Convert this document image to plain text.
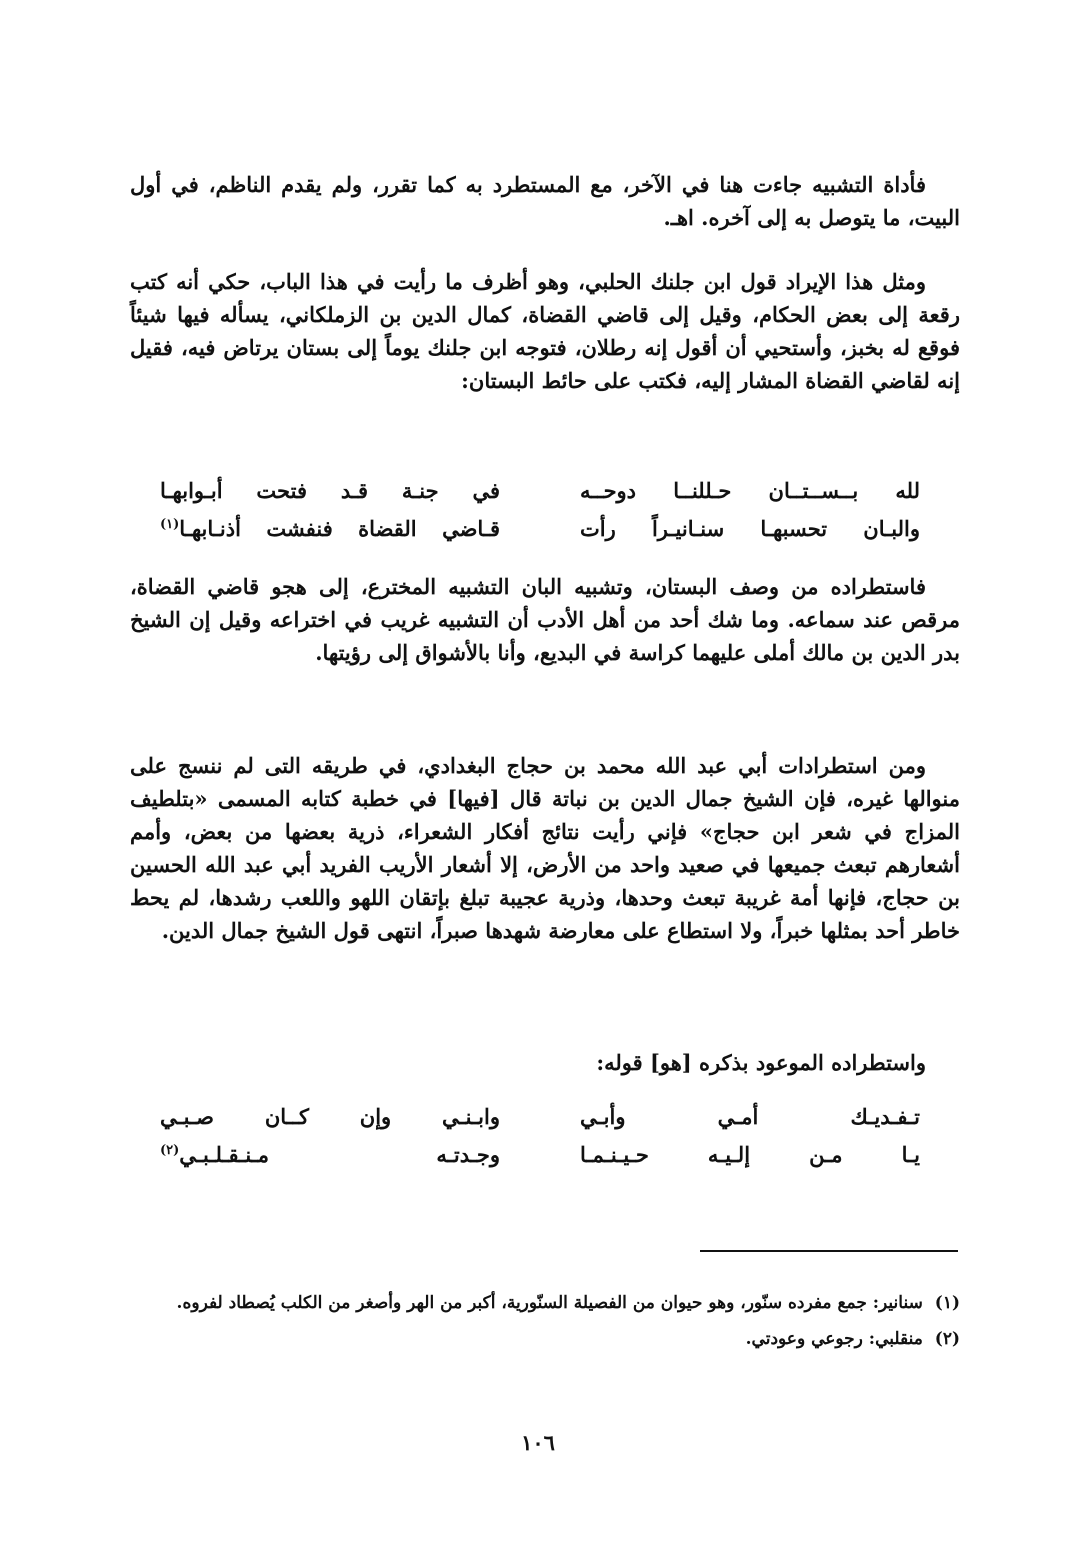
فأداة التشبيه جاءت هنا في الآخر، مع المستطرد به كما تقرر، ولم يقدم الناظم، في أول البيت، ما يتوصل به إلى آخره. اهـ.

ومثل هذا الإيراد قول ابن جلنك الحلبي، وهو أظرف ما رأيت في هذا الباب، حكي أنه كتب رقعة إلى بعض الحكام، وقيل إلى قاضي القضاة، كمال الدين بن الزملكاني، يسأله فيها شيئاً فوقع له بخبز، وأستحيي أن أقول إنه رطلان، فتوجه ابن جلنك يوماً إلى بستان يرتاض فيه، فقيل إنه لقاضي القضاة المشار إليه، فكتب على حائط البستان:

لله بــســتــان حـللنــا دوحــه
في جنـة قـد فتحت أبـوابهـا
والبـان تحسبهـا سنـانيـراً رأت
قـاضي القضاة فنفشت أذنـابهـا$^{(١)}$

فاستطراده من وصف البستان، وتشبيه البان التشبيه المخترع، إلى هجو قاضي القضاة، مرقص عند سماعه. وما شك أحد من أهل الأدب أن التشبيه غريب في اختراعه وقيل إن الشيخ بدر الدين بن مالك أملى عليهما كراسة في البديع، وأنا بالأشواق إلى رؤيتها.

ومن استطرادات أبي عبد الله محمد بن حجاج البغدادي، في طريقه التى لم ننسج على منوالها غيره، فإن الشيخ جمال الدين بن نباتة قال [فيها] في خطبة كتابه المسمى «بتلطيف المزاج في شعر ابن حجاج» فإني رأيت نتائج أفكار الشعراء، ذرية بعضها من بعض، وأمم أشعارهم تبعث جميعها في صعيد واحد من الأرض، إلا أشعار الأريب الفريد أبي عبد الله الحسين بن حجاج، فإنها أمة غريبة تبعث وحدها، وذرية عجيبة تبلغ بإتقان اللهو واللعب رشدها، لم يحط خاطر أحد بمثلها خبراً، ولا استطاع على معارضة شهدها صبراً، انتهى قول الشيخ جمال الدين.

واستطراده الموعود بذكره [هو] قوله:

تـفـديـك أمـي وأبـي
وابـنـي وإن كــان صـبـي
يـا مـن إلـيـه حـيـنـمـا
وجـدتـه مـنـقـلـبـي$^{(٢)}$

(١) سنانير: جمع مفرده سنّور، وهو حيوان من الفصيلة السنّورية، أكبر من الهر وأصغر من الكلب يُصطاد لفروه.

(٢) منقلبي: رجوعي وعودتي.

١٠٦
